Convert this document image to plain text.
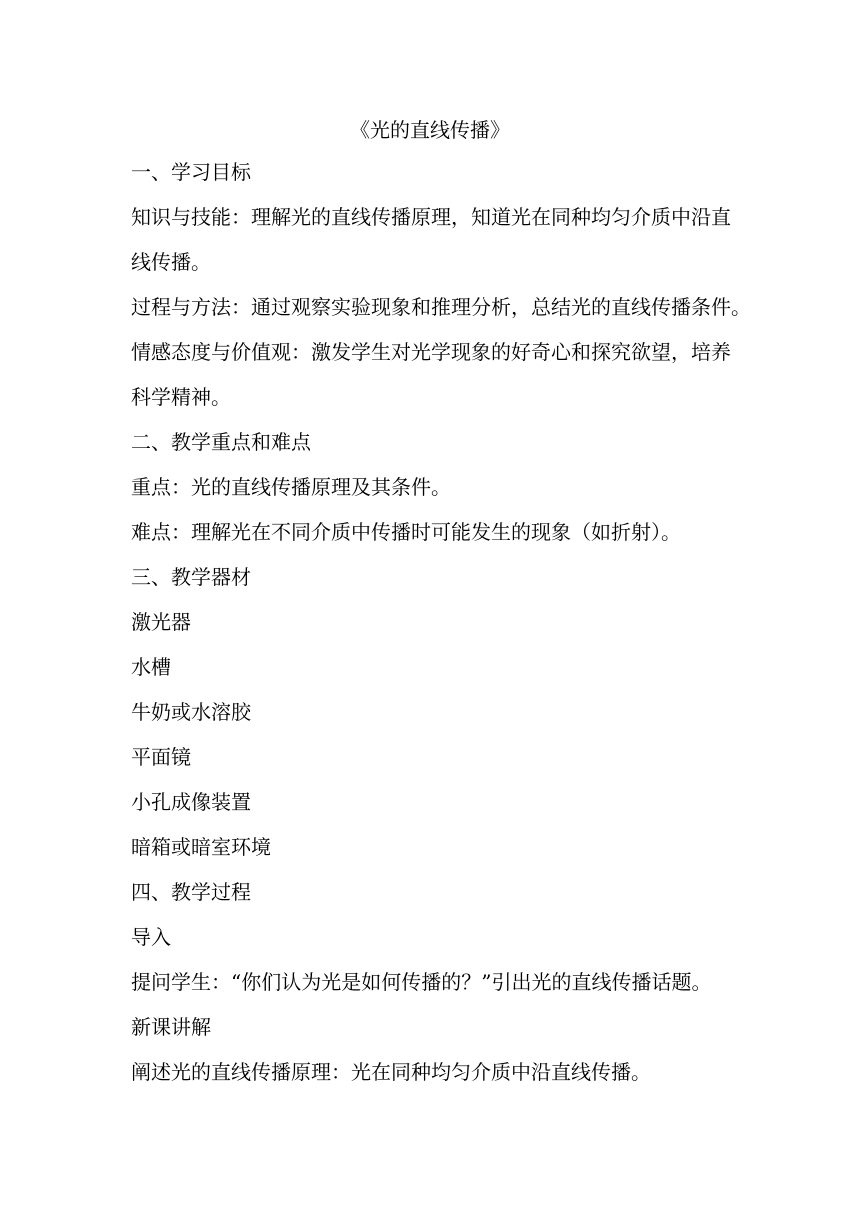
《光的直线传播》

一、学习目标

知识与技能：理解光的直线传播原理，知道光在同种均匀介质中沿直

线传播。

过程与方法：通过观察实验现象和推理分析，总结光的直线传播条件。

情感态度与价值观：激发学生对光学现象的好奇心和探究欲望，培养

科学精神。

二、教学重点和难点

重点：光的直线传播原理及其条件。

难点：理解光在不同介质中传播时可能发生的现象（如折射）。

三、教学器材

激光器

水槽

牛奶或水溶胶

平面镜

小孔成像装置

暗箱或暗室环境

四、教学过程

导入

提问学生：“你们认为光是如何传播的？”引出光的直线传播话题。

新课讲解

阐述光的直线传播原理：光在同种均匀介质中沿直线传播。
